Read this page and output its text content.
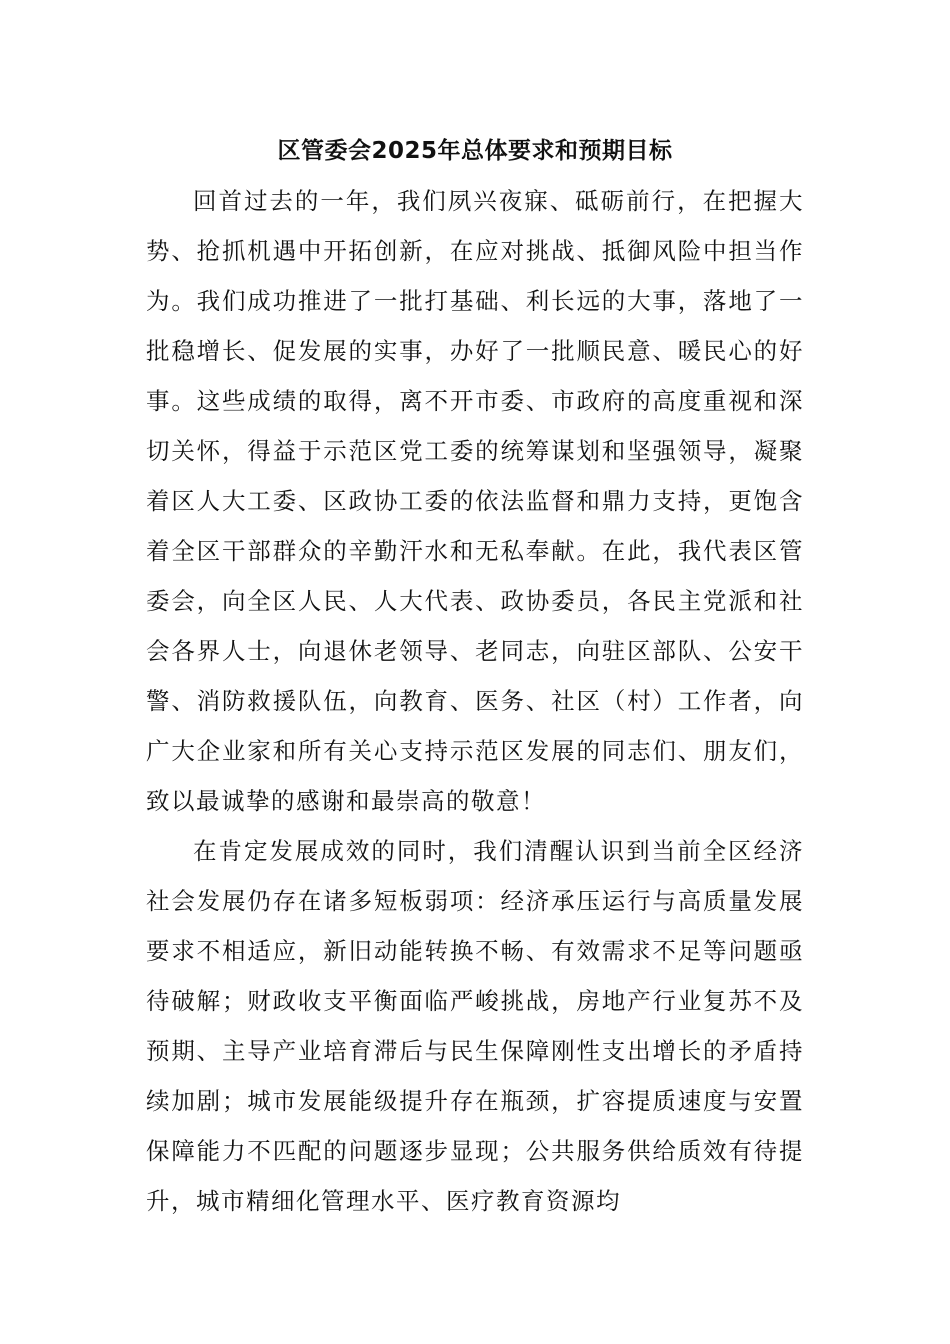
区管委会2025年总体要求和预期目标

回首过去的一年，我们夙兴夜寐、砥砺前行，在把握大势、抢抓机遇中开拓创新，在应对挑战、抵御风险中担当作为。我们成功推进了一批打基础、利长远的大事，落地了一批稳增长、促发展的实事，办好了一批顺民意、暖民心的好事。这些成绩的取得，离不开市委、市政府的高度重视和深切关怀，得益于示范区党工委的统筹谋划和坚强领导，凝聚着区人大工委、区政协工委的依法监督和鼎力支持，更饱含着全区干部群众的辛勤汗水和无私奉献。在此，我代表区管委会，向全区人民、人大代表、政协委员，各民主党派和社会各界人士，向退休老领导、老同志，向驻区部队、公安干警、消防救援队伍，向教育、医务、社区（村）工作者，向广大企业家和所有关心支持示范区发展的同志们、朋友们，致以最诚挚的感谢和最崇高的敬意！

在肯定发展成效的同时，我们清醒认识到当前全区经济社会发展仍存在诸多短板弱项：经济承压运行与高质量发展要求不相适应，新旧动能转换不畅、有效需求不足等问题亟待破解；财政收支平衡面临严峻挑战，房地产行业复苏不及预期、主导产业培育滞后与民生保障刚性支出增长的矛盾持续加剧；城市发展能级提升存在瓶颈，扩容提质速度与安置保障能力不匹配的问题逐步显现；公共服务供给质效有待提升，城市精细化管理水平、医疗教育资源均
